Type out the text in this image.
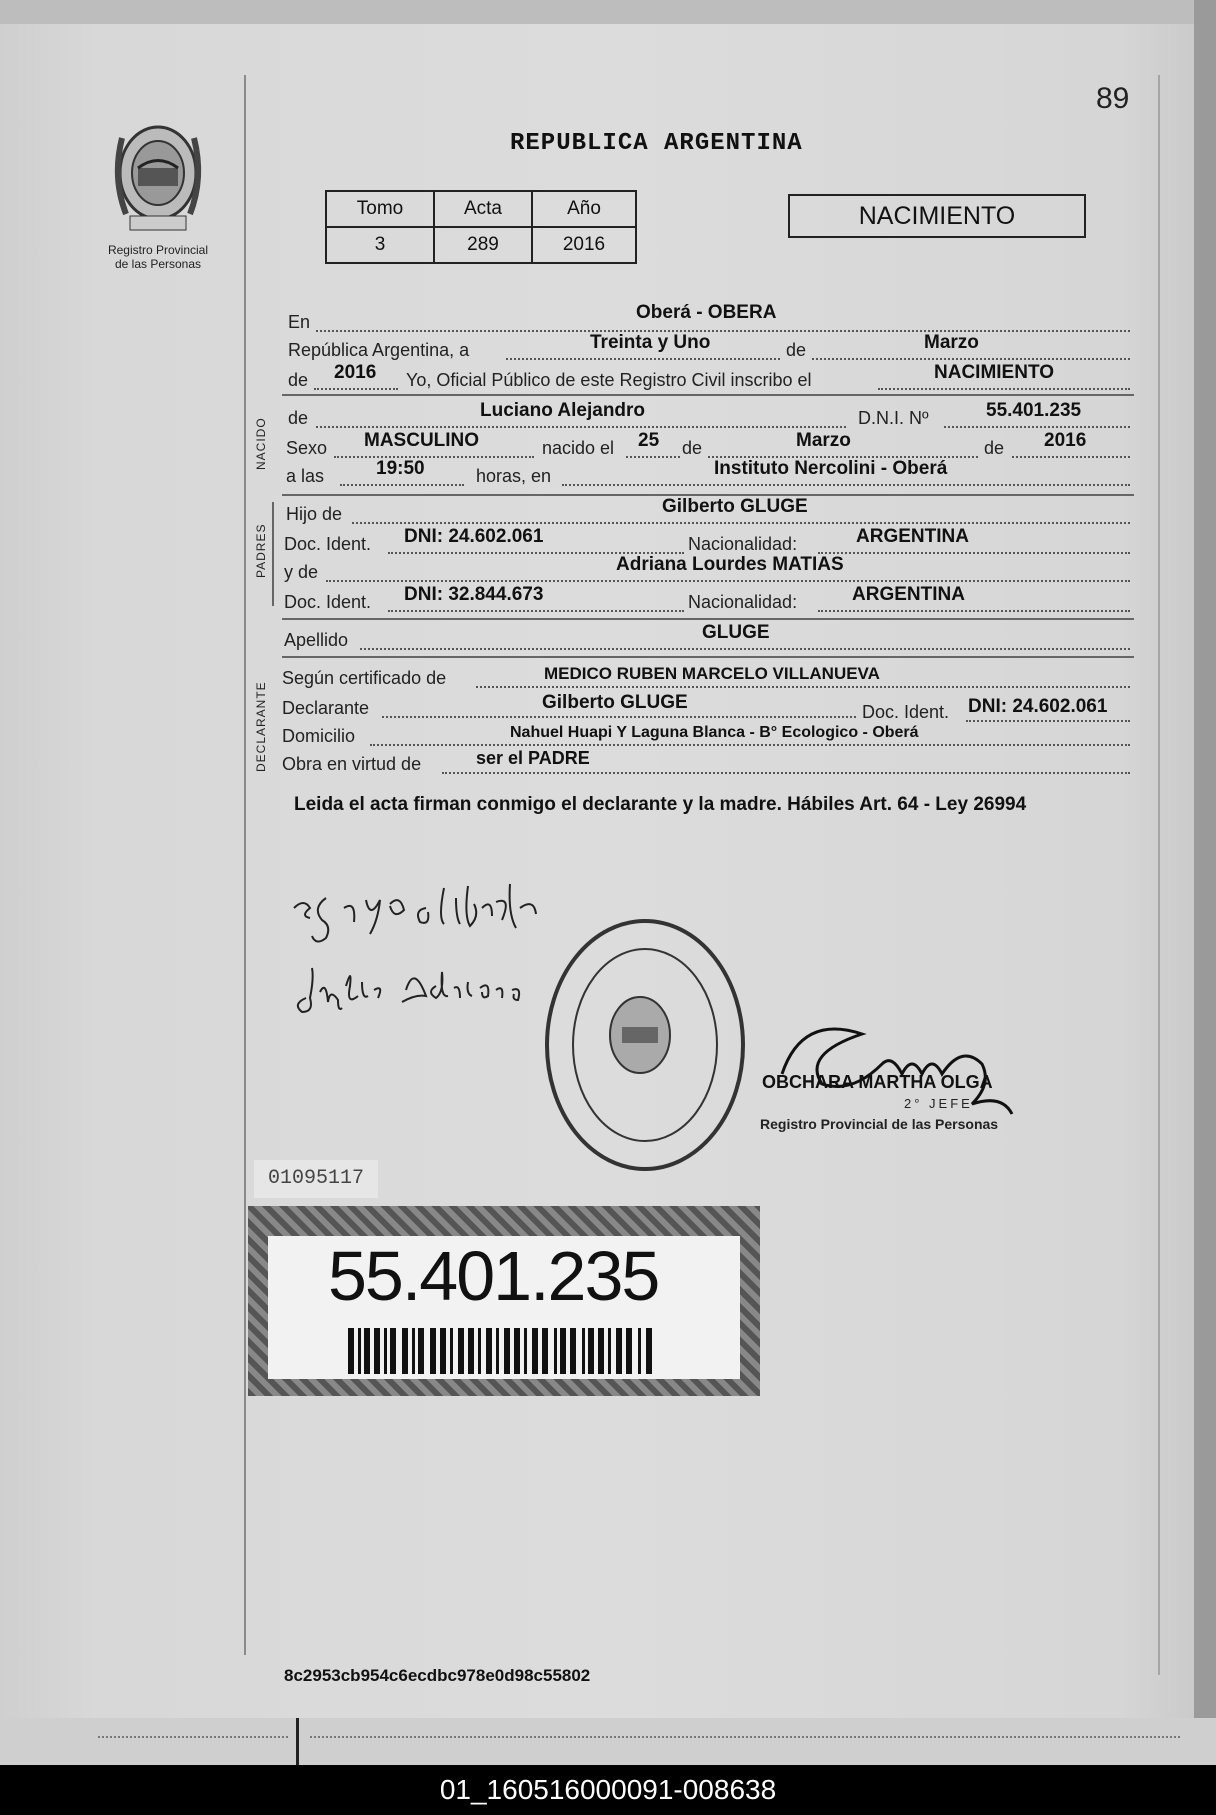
89
Registro Provincial
de las Personas
REPUBLICA ARGENTINA
Tomo	Acta	Año
3	289	2016
NACIMIENTO
En	Oberá - OBERA
República Argentina, a	Treinta y Uno	de	Marzo
de 2016 Yo, Oficial Público de este Registro Civil inscribo el	NACIMIENTO
NACIDO de	Luciano Alejandro	D.N.I. Nº	55.401.235
Sexo MASCULINO	nacido el 25 de	Marzo	de 2016
a las	19:50	horas, en	Instituto Nercolini - Oberá
PADRES
Hijo de	Gilberto GLUGE
Doc. Ident. DNI: 24.602.061	Nacionalidad:	ARGENTINA
y de	Adriana Lourdes MATIAS
Doc. Ident. DNI: 32.844.673	Nacionalidad:	ARGENTINA
Apellido	GLUGE
DECLARANTE
Según certificado de	MEDICO RUBEN MARCELO VILLANUEVA
Declarante	Gilberto GLUGE	Doc. Ident. DNI: 24.602.061
Domicilio	Nahuel Huapi Y Laguna Blanca - B° Ecologico - Oberá
Obra en virtud de	ser el PADRE
Leida el acta firman conmigo el declarante y la madre. Hábiles Art. 64 - Ley 26994
OBCHARA MARTHA OLGA
2° JEFE
Registro Provincial de las Personas
01095117
55.401.235
8c2953cb954c6ecdbc978e0d98c55802
01_160516000091-008638
